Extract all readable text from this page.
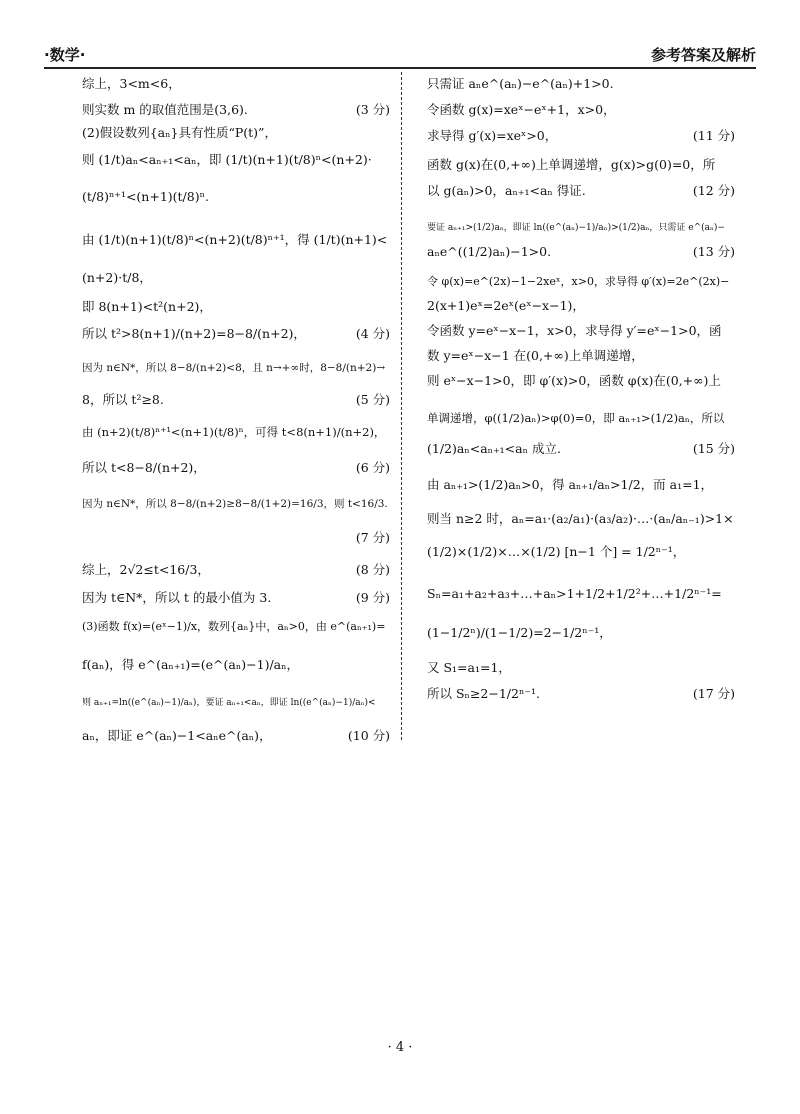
·数学·	参考答案及解析
综上，3<m<6，
则实数 m 的取值范围是(3,6).	(3 分)
(2)假设数列{aₙ}具有性质“P(t)”，
则 (1/t)aₙ<aₙ₊₁<aₙ，即 (1/t)(n+1)(t/8)ⁿ<(n+2)·
(t/8)ⁿ⁺¹<(n+1)(t/8)ⁿ.
由 (1/t)(n+1)(t/8)ⁿ<(n+2)(t/8)ⁿ⁺¹，得 (1/t)(n+1)<
(n+2)·t/8，
即 8(n+1)<t²(n+2)，
所以 t²>8(n+1)/(n+2)=8−8/(n+2)，	(4 分)
因为 n∈N*，所以 8−8/(n+2)<8，且 n→+∞时，8−8/(n+2)→
8，所以 t²≥8.	(5 分)
由 (n+2)(t/8)ⁿ⁺¹<(n+1)(t/8)ⁿ，可得 t<8(n+1)/(n+2)，
所以 t<8−8/(n+2)，	(6 分)
因为 n∈N*，所以 8−8/(n+2)≥8−8/(1+2)=16/3，则 t<16/3.
(7 分)
综上，2√2≤t<16/3，	(8 分)
因为 t∈N*，所以 t 的最小值为 3.	(9 分)
(3)函数 f(x)=(eˣ−1)/x，数列{aₙ}中，aₙ>0，由 e^(aₙ₊₁)=
f(aₙ)，得 e^(aₙ₊₁)=(e^(aₙ)−1)/aₙ，
则 aₙ₊₁=ln((e^(aₙ)−1)/aₙ)，要证 aₙ₊₁<aₙ，即证 ln((e^(aₙ)−1)/aₙ)<
aₙ，即证 e^(aₙ)−1<aₙe^(aₙ)，	(10 分)
只需证 aₙe^(aₙ)−e^(aₙ)+1>0.
令函数 g(x)=xeˣ−eˣ+1，x>0，
求导得 g′(x)=xeˣ>0，	(11 分)
函数 g(x)在(0,+∞)上单调递增，g(x)>g(0)=0，所
以 g(aₙ)>0，aₙ₊₁<aₙ 得证.	(12 分)
要证 aₙ₊₁>(1/2)aₙ，即证 ln((e^(aₙ)−1)/aₙ)>(1/2)aₙ，只需证 e^(aₙ)−
aₙe^((1/2)aₙ)−1>0.	(13 分)
令 φ(x)=e^(2x)−1−2xeˣ，x>0，求导得 φ′(x)=2e^(2x)−
2(x+1)eˣ=2eˣ(eˣ−x−1)，
令函数 y=eˣ−x−1，x>0，求导得 y′=eˣ−1>0，函
数 y=eˣ−x−1 在(0,+∞)上单调递增，
则 eˣ−x−1>0，即 φ′(x)>0，函数 φ(x)在(0,+∞)上
单调递增，φ((1/2)aₙ)>φ(0)=0，即 aₙ₊₁>(1/2)aₙ，所以
(1/2)aₙ<aₙ₊₁<aₙ 成立.	(15 分)
由 aₙ₊₁>(1/2)aₙ>0，得 aₙ₊₁/aₙ>1/2，而 a₁=1，
则当 n≥2 时，aₙ=a₁·(a₂/a₁)·(a₃/a₂)·…·(aₙ/aₙ₋₁)>1×
(1/2)×(1/2)×…×(1/2) [n−1 个] = 1/2ⁿ⁻¹，
Sₙ=a₁+a₂+a₃+…+aₙ>1+1/2+1/2²+…+1/2ⁿ⁻¹=
(1−1/2ⁿ)/(1−1/2)=2−1/2ⁿ⁻¹，
又 S₁=a₁=1，
所以 Sₙ≥2−1/2ⁿ⁻¹.	(17 分)
· 4 ·
